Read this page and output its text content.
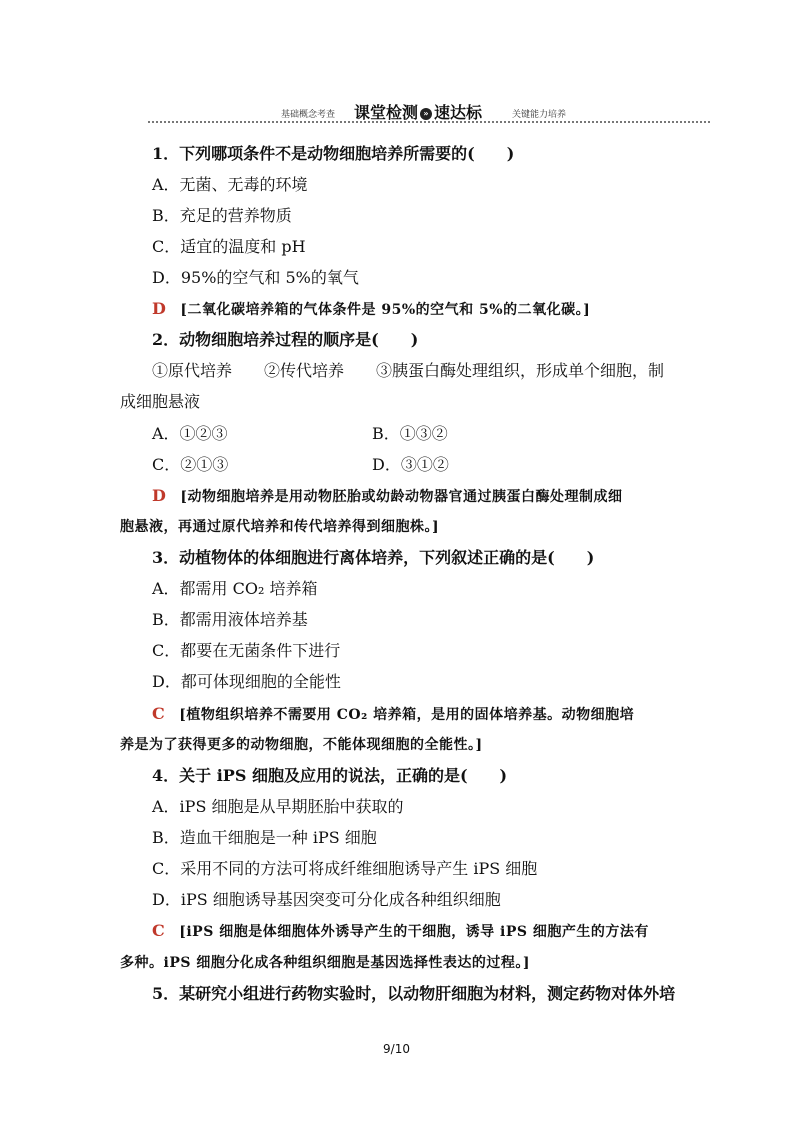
基础概念考查 课堂检测 » 速达标	关键能力培养
1．下列哪项条件不是动物细胞培养所需要的(　　)
A．无菌、无毒的环境
B．充足的营养物质
C．适宜的温度和 pH
D．95%的空气和 5%的氧气
D [二氧化碳培养箱的气体条件是 95%的空气和 5%的二氧化碳。]
2．动物细胞培养过程的顺序是(　　)
①原代培养　　②传代培养　　③胰蛋白酶处理组织，形成单个细胞，制
成细胞悬液
A．①②③	B．①③②
C．②①③	D．③①②
D [动物细胞培养是用动物胚胎或幼龄动物器官通过胰蛋白酶处理制成细
胞悬液，再通过原代培养和传代培养得到细胞株。]
3．动植物体的体细胞进行离体培养，下列叙述正确的是(　　)
A．都需用 CO₂ 培养箱
B．都需用液体培养基
C．都要在无菌条件下进行
D．都可体现细胞的全能性
C [植物组织培养不需要用 CO₂ 培养箱，是用的固体培养基。动物细胞培
养是为了获得更多的动物细胞，不能体现细胞的全能性。]
4．关于 iPS 细胞及应用的说法，正确的是(　　)
A．iPS 细胞是从早期胚胎中获取的
B．造血干细胞是一种 iPS 细胞
C．采用不同的方法可将成纤维细胞诱导产生 iPS 细胞
D．iPS 细胞诱导基因突变可分化成各种组织细胞
C [iPS 细胞是体细胞体外诱导产生的干细胞，诱导 iPS 细胞产生的方法有
多种。iPS 细胞分化成各种组织细胞是基因选择性表达的过程。]
5．某研究小组进行药物实验时，以动物肝细胞为材料，测定药物对体外培
9/10
